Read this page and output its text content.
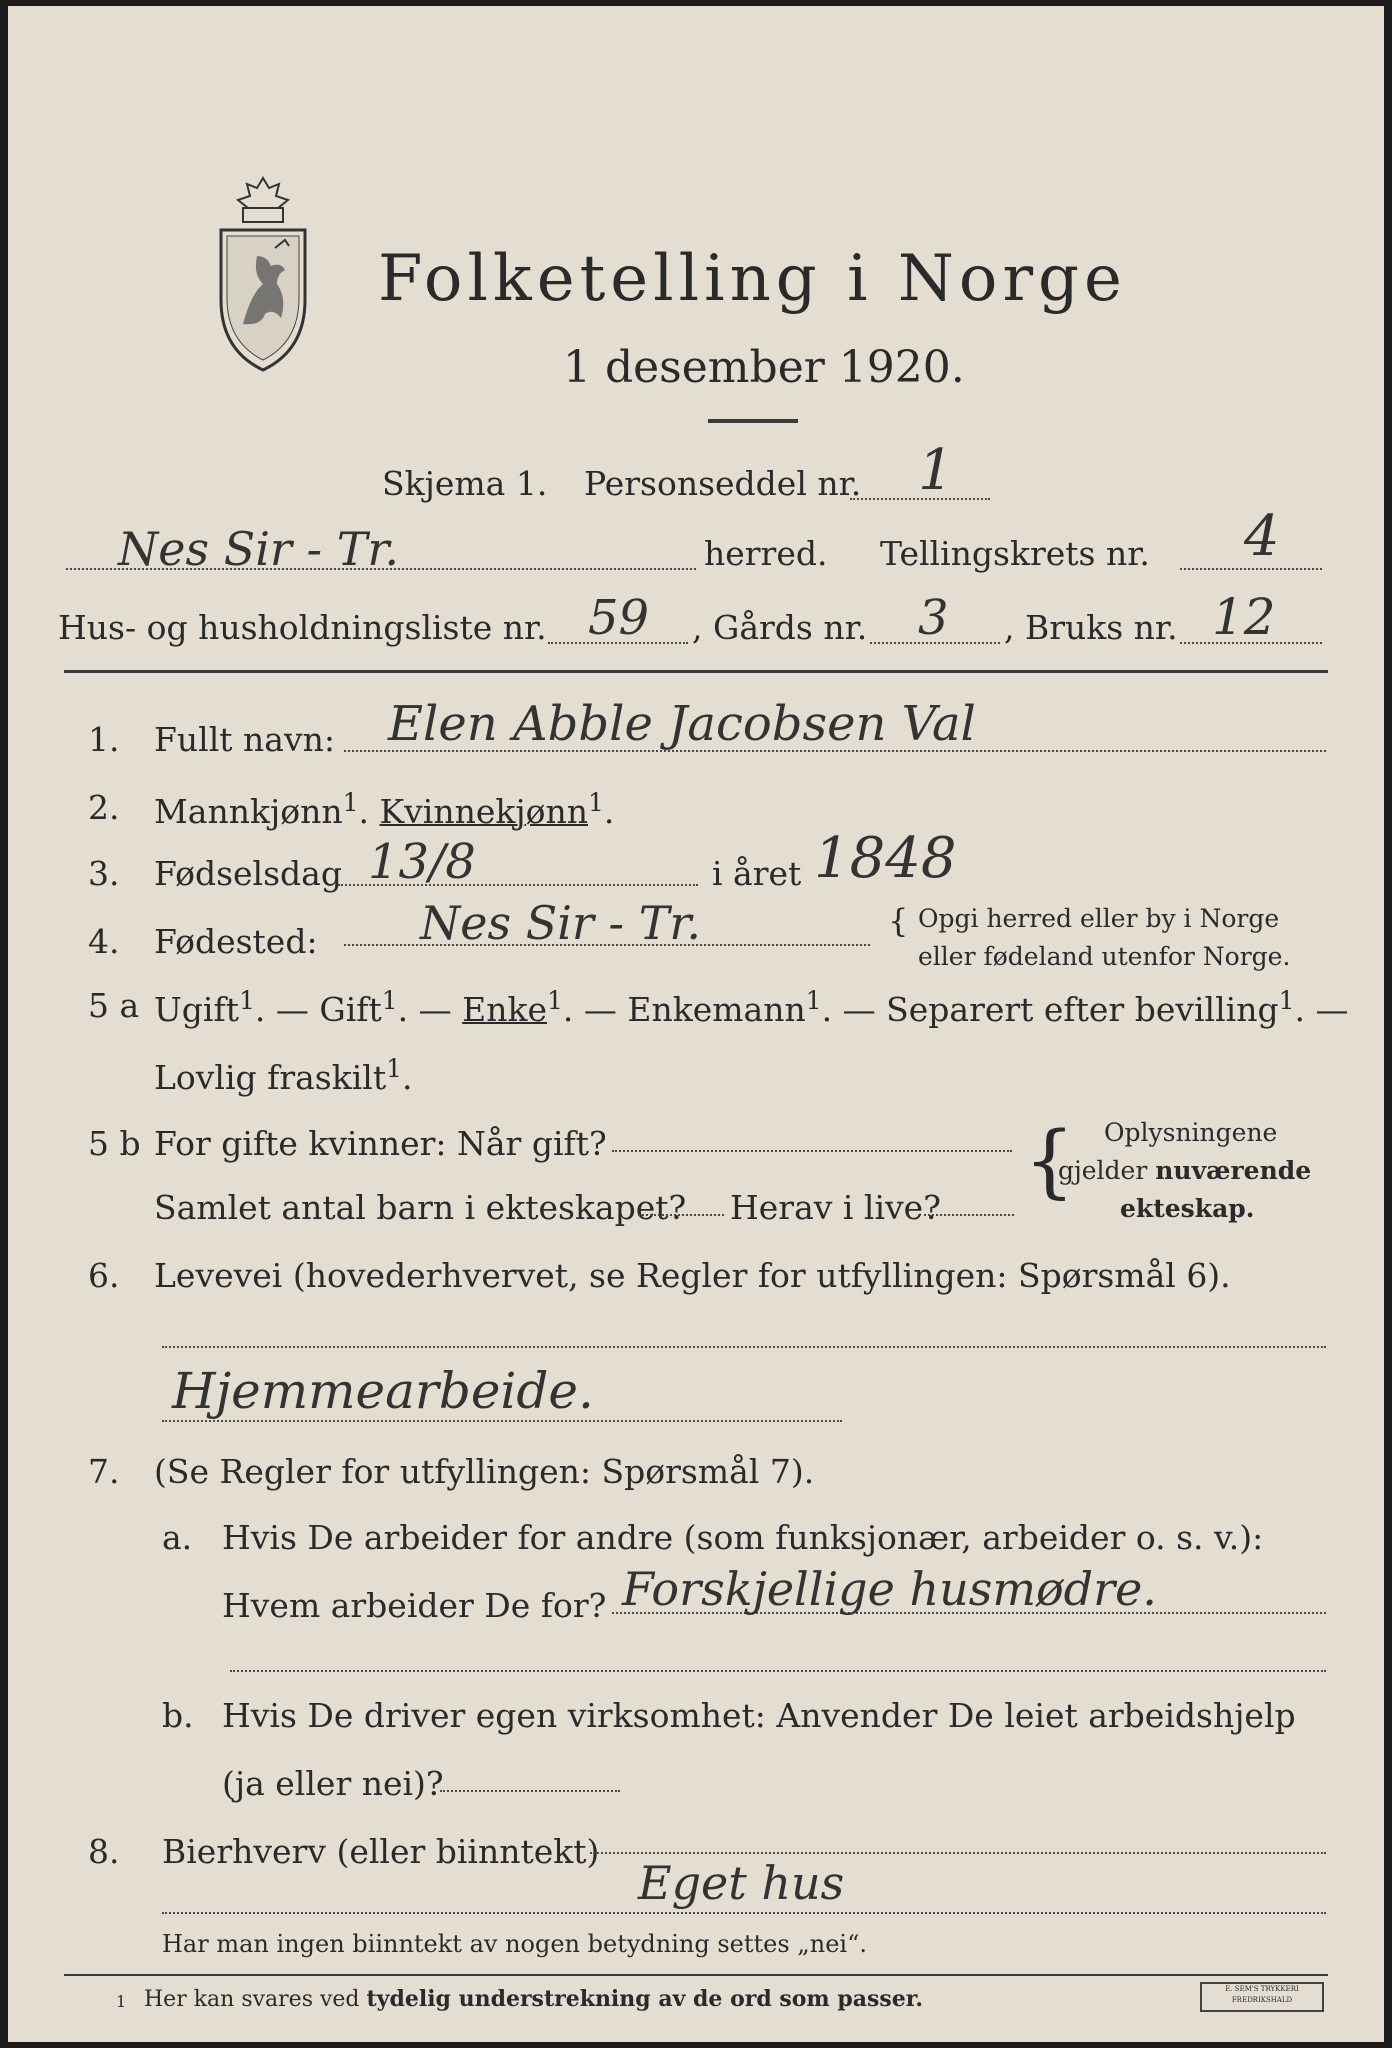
Folketelling i Norge
1 desember 1920.
Skjema 1. Personseddel nr. 1
Nes Sir - Tr.	herred. Tellingskrets nr. 4
Hus- og husholdningsliste nr. 59 , Gårds nr. 3 , Bruks nr. 12
1. Fullt navn: Elen Abble Jacobsen Val
2. Mannkjønn$^1$. Kvinnekjønn$^1$.
3. Fødselsdag 13/8	i året 1848
4. Fødested: Nes Sir - Tr.	{ Opgi herred eller by i Norge
eller fødeland utenfor Norge.
5 a Ugift$^1$. — Gift$^1$. — Enke$^1$. — Enkemann$^1$. — Separert efter bevilling$^1$. —
Lovlig fraskilt$^1$.
5 b For gifte kvinner: Når gift?
Samlet antal barn i ekteskapet? Herav i live?
{ Oplysningene
gjelder nuværende
ekteskap.
6. Levevei (hovederhvervet, se Regler for utfyllingen: Spørsmål 6).
Hjemmearbeide.
7. (Se Regler for utfyllingen: Spørsmål 7).
a. Hvis De arbeider for andre (som funksjonær, arbeider o. s. v.):
Hvem arbeider De for? Forskjellige husmødre.
b. Hvis De driver egen virksomhet: Anvender De leiet arbeidshjelp
(ja eller nei)?
8. Bierhverv (eller biinntekt)
Eget hus
Har man ingen biinntekt av nogen betydning settes „nei“.
1 Her kan svares ved tydelig understrekning av de ord som passer.	E. SEM'S TRYKKERI
FREDRIKSHALD
